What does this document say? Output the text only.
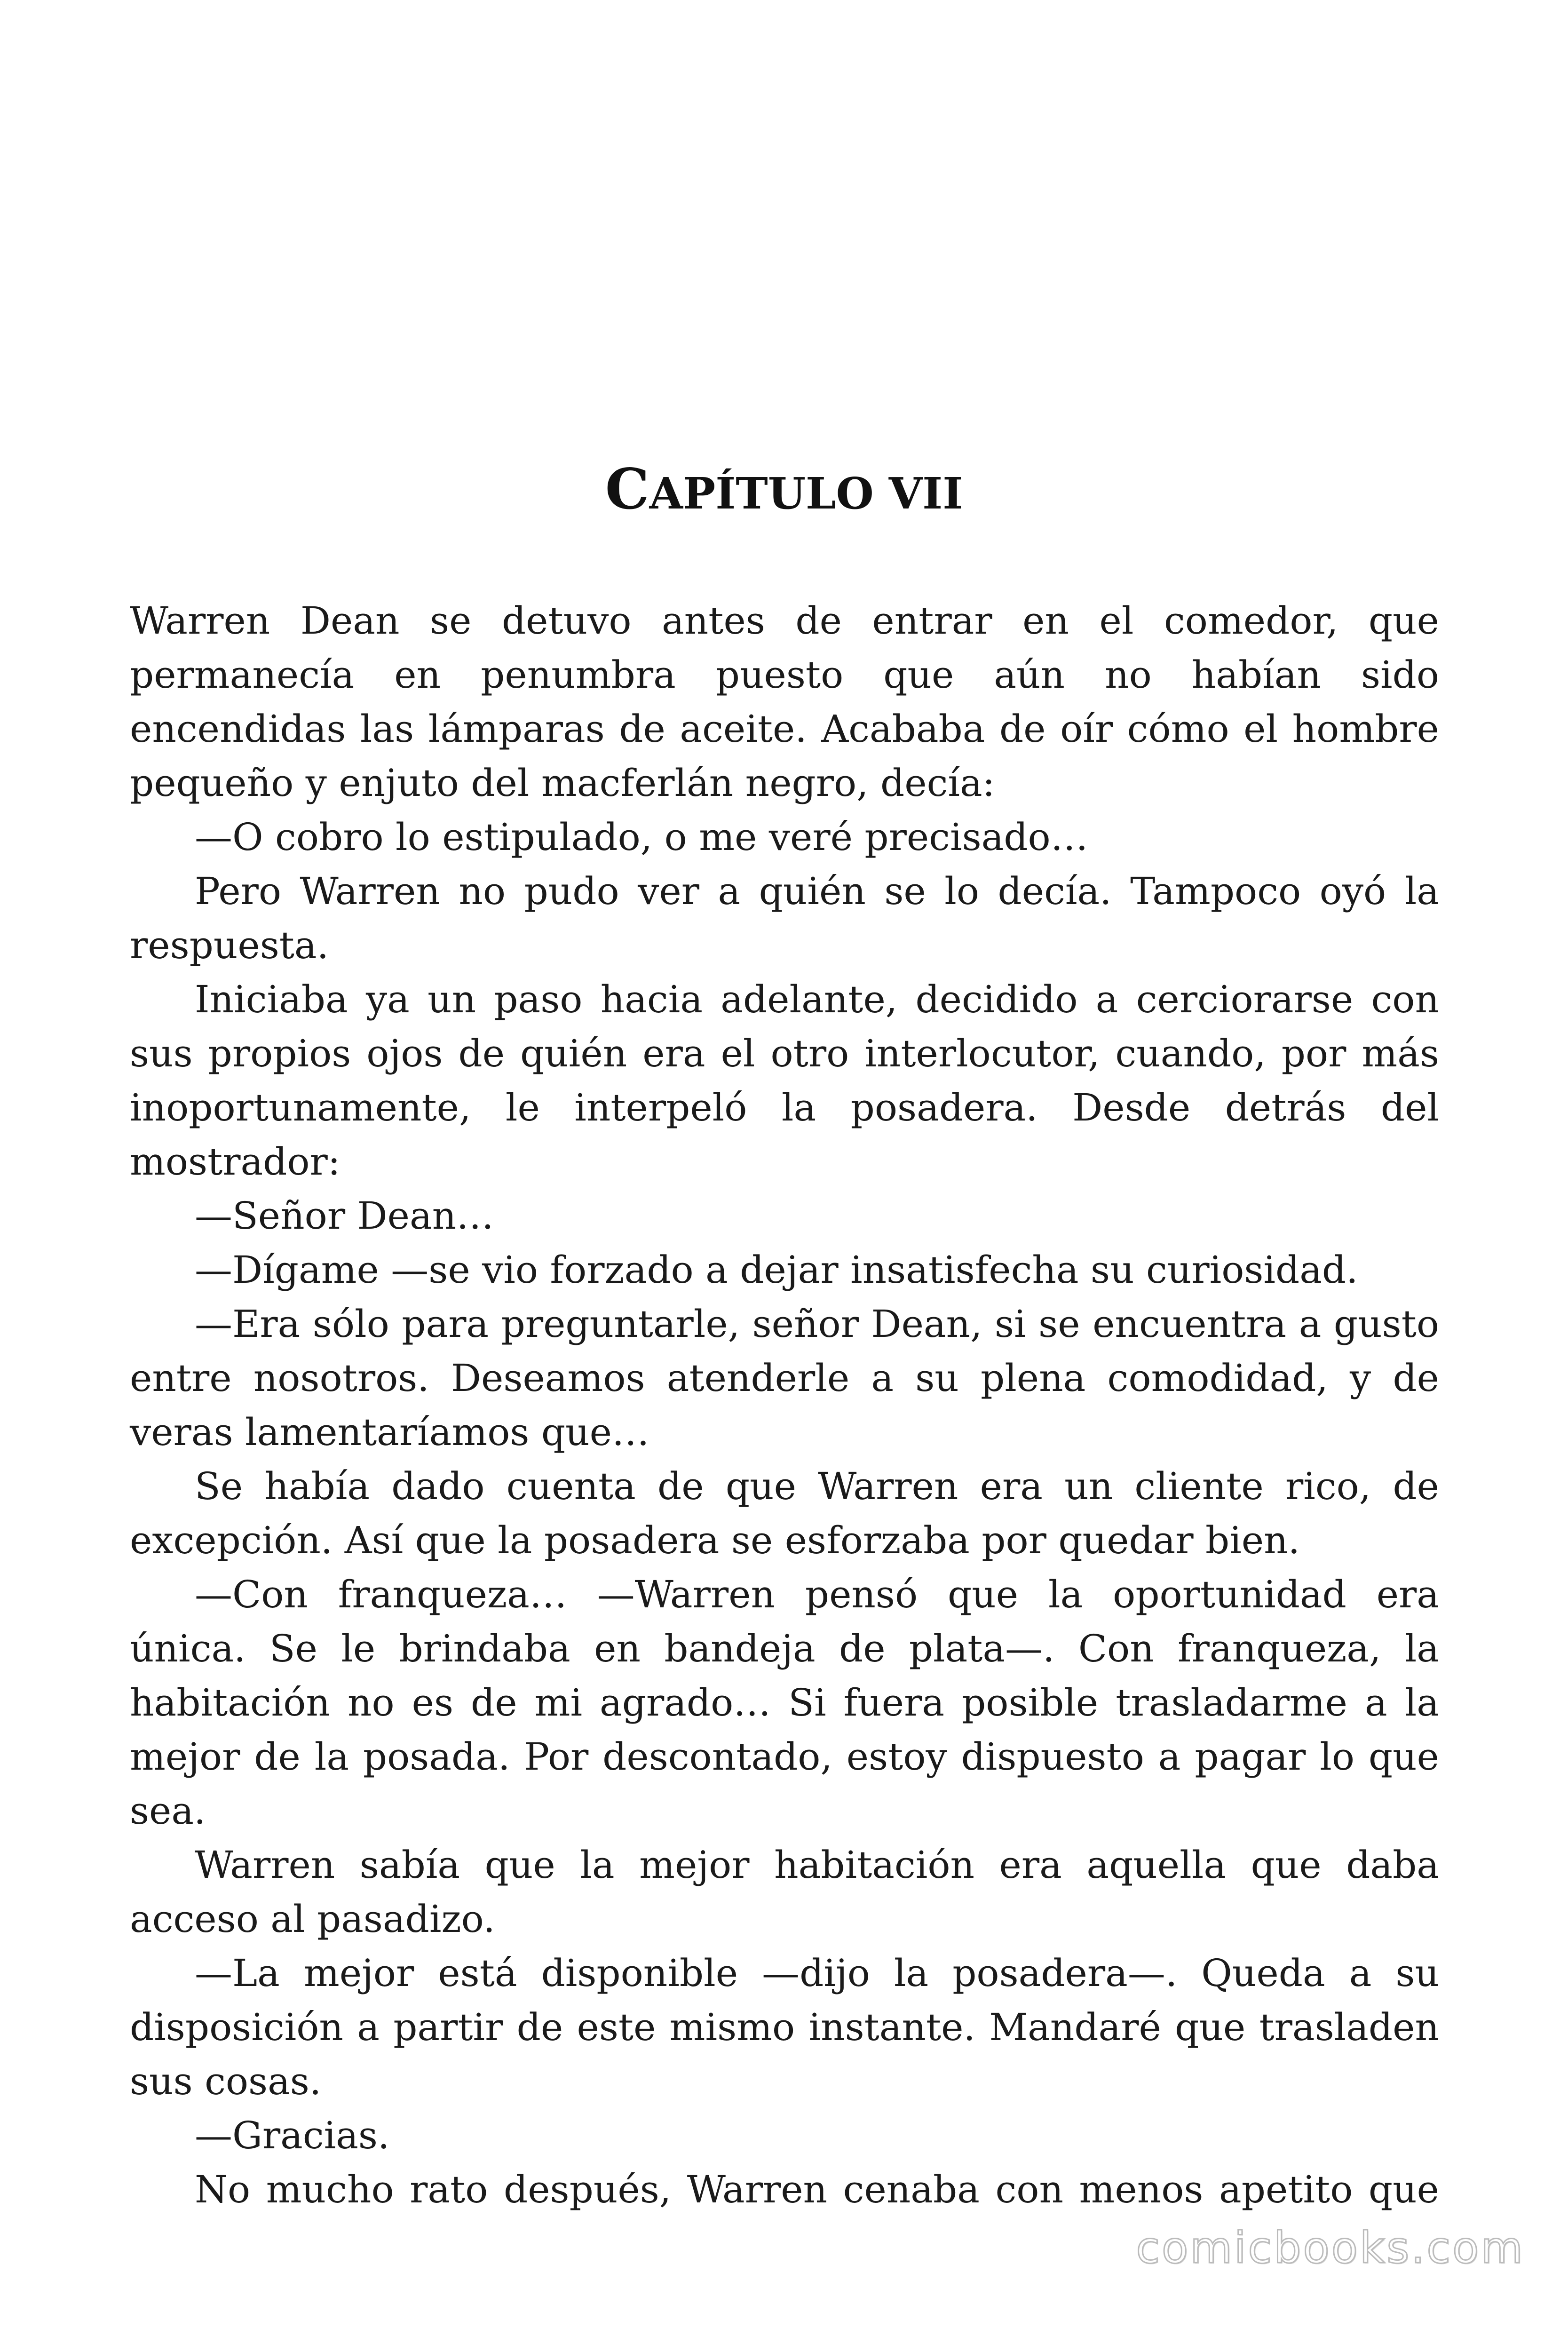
CAPÍTULO VII

Warren Dean se detuvo antes de entrar en el comedor, que permanecía en penumbra puesto que aún no habían sido encendidas las lámparas de aceite. Acababa de oír cómo el hombre pequeño y enjuto del macferlán negro, decía:

—O cobro lo estipulado, o me veré precisado…

Pero Warren no pudo ver a quién se lo decía. Tampoco oyó la respuesta.

Iniciaba ya un paso hacia adelante, decidido a cerciorarse con sus propios ojos de quién era el otro interlocutor, cuando, por más inoportunamente, le interpeló la posadera. Desde detrás del mostrador:

—Señor Dean…

—Dígame —se vio forzado a dejar insatisfecha su curiosidad.

—Era sólo para preguntarle, señor Dean, si se encuentra a gusto entre nosotros. Deseamos atenderle a su plena comodidad, y de veras lamentaríamos que…

Se había dado cuenta de que Warren era un cliente rico, de excepción. Así que la posadera se esforzaba por quedar bien.

—Con franqueza… —Warren pensó que la oportunidad era única. Se le brindaba en bandeja de plata—. Con franqueza, la habitación no es de mi agrado… Si fuera posible trasladarme a la mejor de la posada. Por descontado, estoy dispuesto a pagar lo que sea.

Warren sabía que la mejor habitación era aquella que daba acceso al pasadizo.

—La mejor está disponible —dijo la posadera—. Queda a su disposición a partir de este mismo instante. Mandaré que trasladen sus cosas.

—Gracias.

No mucho rato después, Warren cenaba con menos apetito que

comicbooks.com
